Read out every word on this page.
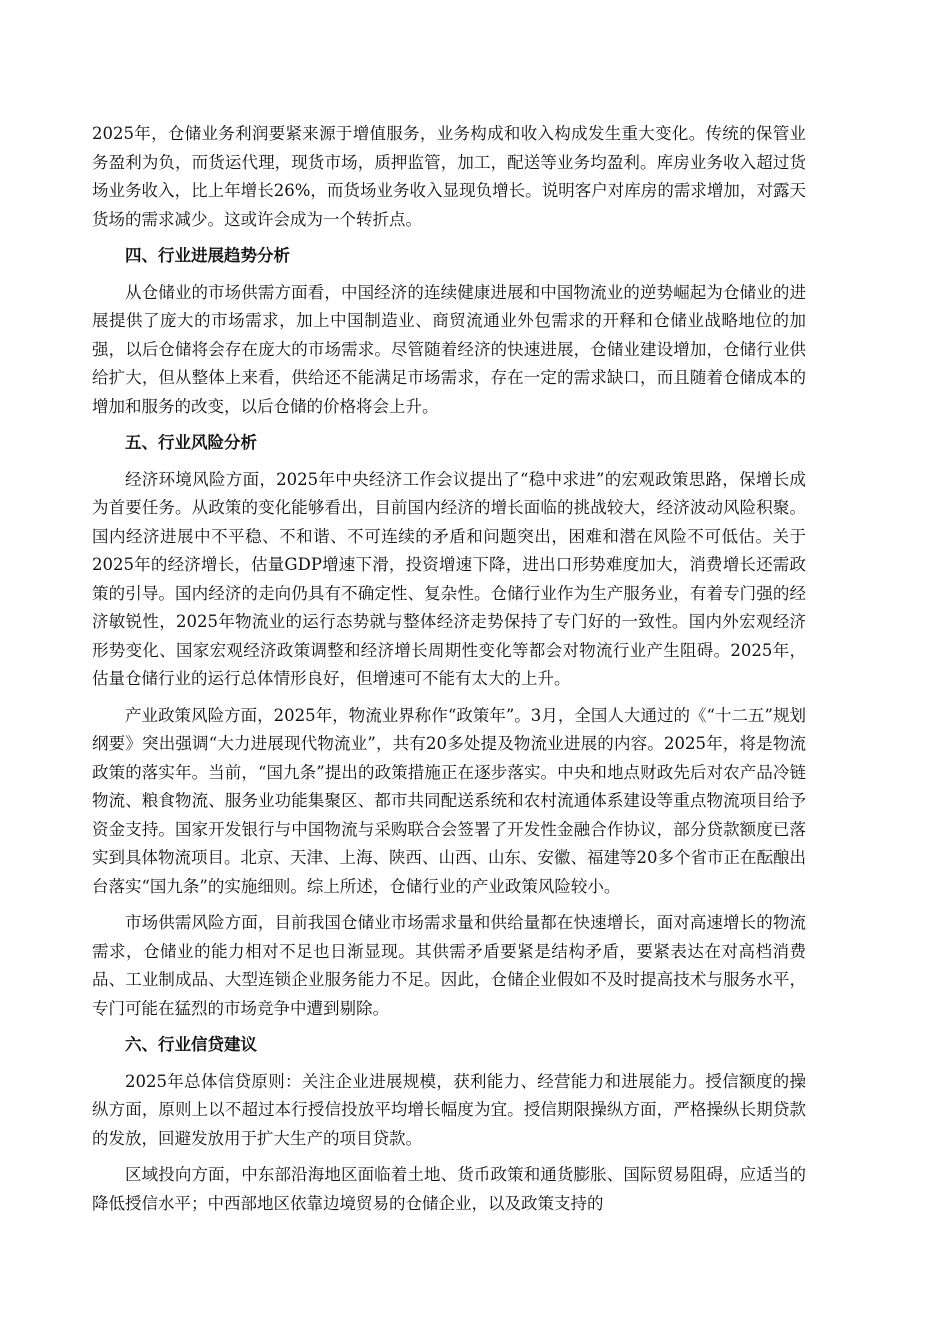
2025年，仓储业务利润要紧来源于增值服务，业务构成和收入构成发生重大变化。传统的保管业务盈利为负，而货运代理，现货市场，质押监管，加工，配送等业务均盈利。库房业务收入超过货场业务收入，比上年增长26%，而货场业务收入显现负增长。说明客户对库房的需求增加，对露天货场的需求减少。这或许会成为一个转折点。

四、行业进展趋势分析

从仓储业的市场供需方面看，中国经济的连续健康进展和中国物流业的逆势崛起为仓储业的进展提供了庞大的市场需求，加上中国制造业、商贸流通业外包需求的开释和仓储业战略地位的加强，以后仓储将会存在庞大的市场需求。尽管随着经济的快速进展，仓储业建设增加，仓储行业供给扩大，但从整体上来看，供给还不能满足市场需求，存在一定的需求缺口，而且随着仓储成本的增加和服务的改变，以后仓储的价格将会上升。

五、行业风险分析

经济环境风险方面，2025年中央经济工作会议提出了“稳中求进”的宏观政策思路，保增长成为首要任务。从政策的变化能够看出，目前国内经济的增长面临的挑战较大，经济波动风险积聚。国内经济进展中不平稳、不和谐、不可连续的矛盾和问题突出，困难和潜在风险不可低估。关于2025年的经济增长，估量GDP增速下滑，投资增速下降，进出口形势难度加大，消费增长还需政策的引导。国内经济的走向仍具有不确定性、复杂性。仓储行业作为生产服务业，有着专门强的经济敏锐性，2025年物流业的运行态势就与整体经济走势保持了专门好的一致性。国内外宏观经济形势变化、国家宏观经济政策调整和经济增长周期性变化等都会对物流行业产生阻碍。2025年，估量仓储行业的运行总体情形良好，但增速可不能有太大的上升。

产业政策风险方面，2025年，物流业界称作“政策年”。3月，全国人大通过的《“十二五”规划纲要》突出强调“大力进展现代物流业”，共有20多处提及物流业进展的内容。2025年，将是物流政策的落实年。当前，“国九条”提出的政策措施正在逐步落实。中央和地点财政先后对农产品冷链物流、粮食物流、服务业功能集聚区、都市共同配送系统和农村流通体系建设等重点物流项目给予资金支持。国家开发银行与中国物流与采购联合会签署了开发性金融合作协议，部分贷款额度已落实到具体物流项目。北京、天津、上海、陕西、山西、山东、安徽、福建等20多个省市正在酝酿出台落实“国九条”的实施细则。综上所述，仓储行业的产业政策风险较小。

市场供需风险方面，目前我国仓储业市场需求量和供给量都在快速增长，面对高速增长的物流需求，仓储业的能力相对不足也日渐显现。其供需矛盾要紧是结构矛盾，要紧表达在对高档消费品、工业制成品、大型连锁企业服务能力不足。因此，仓储企业假如不及时提高技术与服务水平，专门可能在猛烈的市场竞争中遭到剔除。

六、行业信贷建议

2025年总体信贷原则：关注企业进展规模，获利能力、经营能力和进展能力。授信额度的操纵方面，原则上以不超过本行授信投放平均增长幅度为宜。授信期限操纵方面，严格操纵长期贷款的发放，回避发放用于扩大生产的项目贷款。

区域投向方面，中东部沿海地区面临着土地、货币政策和通货膨胀、国际贸易阻碍，应适当的降低授信水平；中西部地区依靠边境贸易的仓储企业，以及政策支持的
